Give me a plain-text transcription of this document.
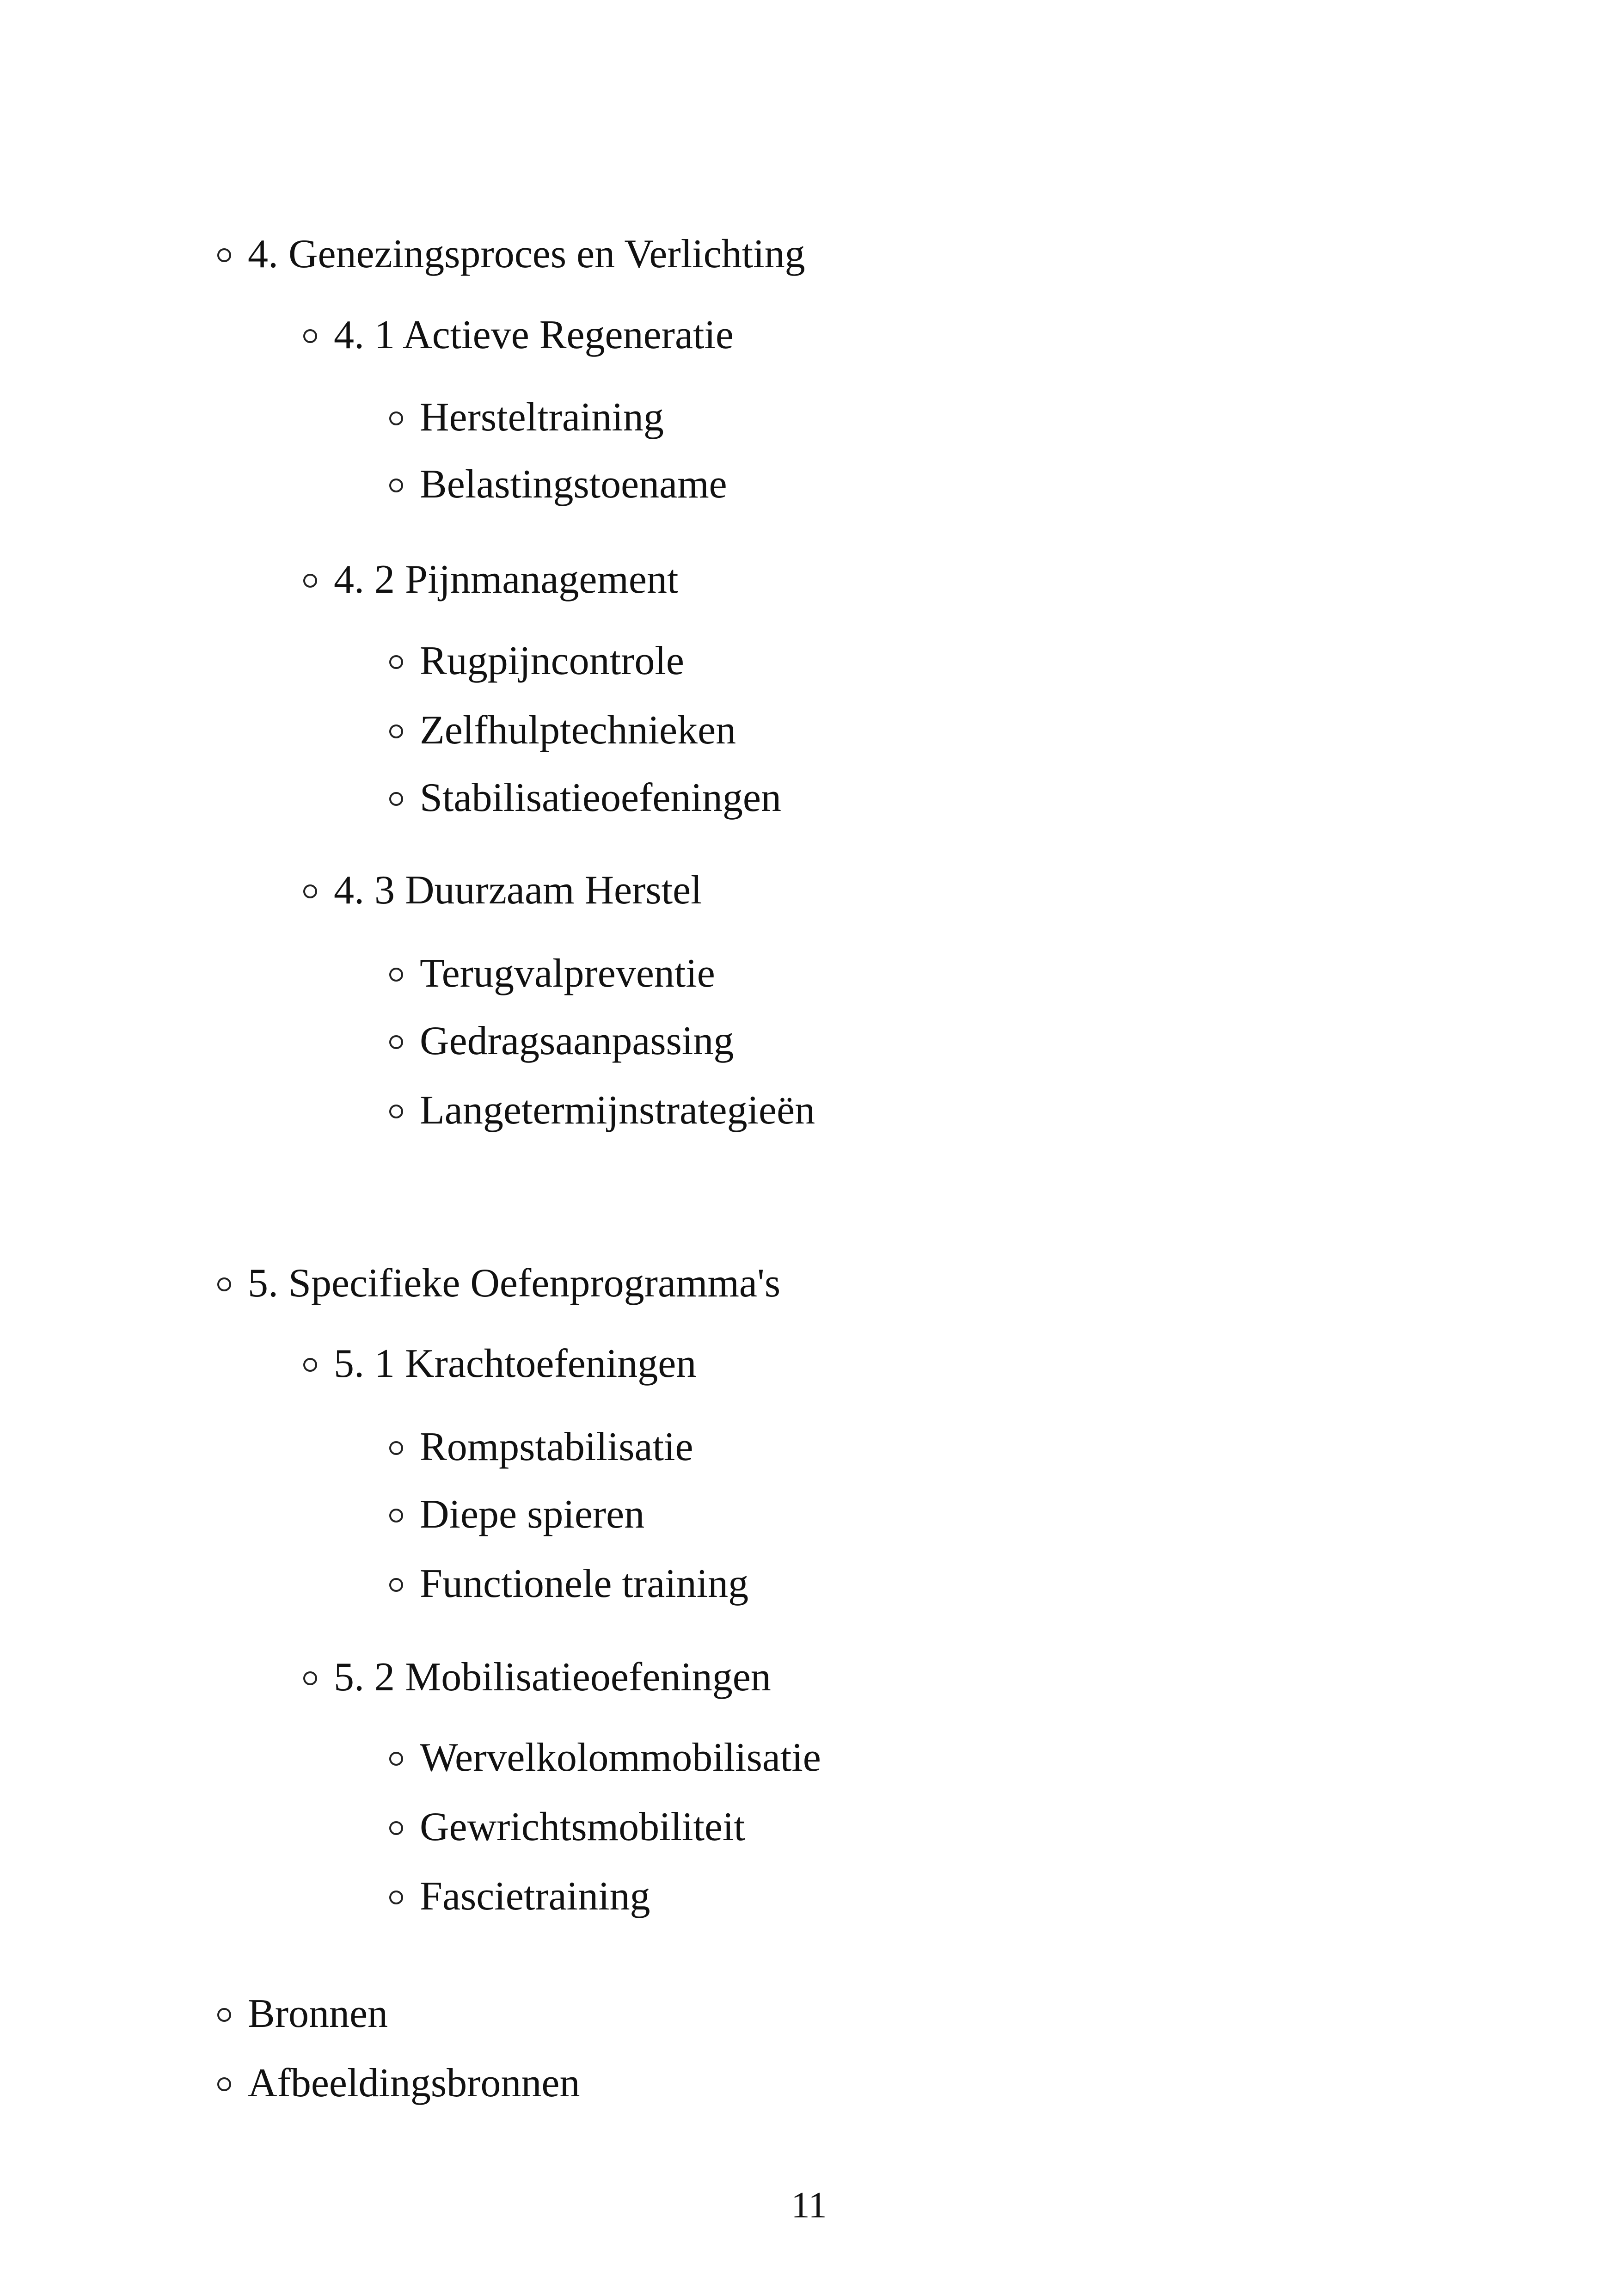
4. Genezingsproces en Verlichting
4. 1 Actieve Regeneratie
Hersteltraining
Belastingstoename
4. 2 Pijnmanagement
Rugpijncontrole
Zelfhulptechnieken
Stabilisatieoefeningen
4. 3 Duurzaam Herstel
Terugvalpreventie
Gedragsaanpassing
Langetermijnstrategieën
5. Specifieke Oefenprogramma's
5. 1 Krachtoefeningen
Rompstabilisatie
Diepe spieren
Functionele training
5. 2 Mobilisatieoefeningen
Wervelkolommobilisatie
Gewrichtsmobiliteit
Fascietraining
Bronnen
Afbeeldingsbronnen
11
